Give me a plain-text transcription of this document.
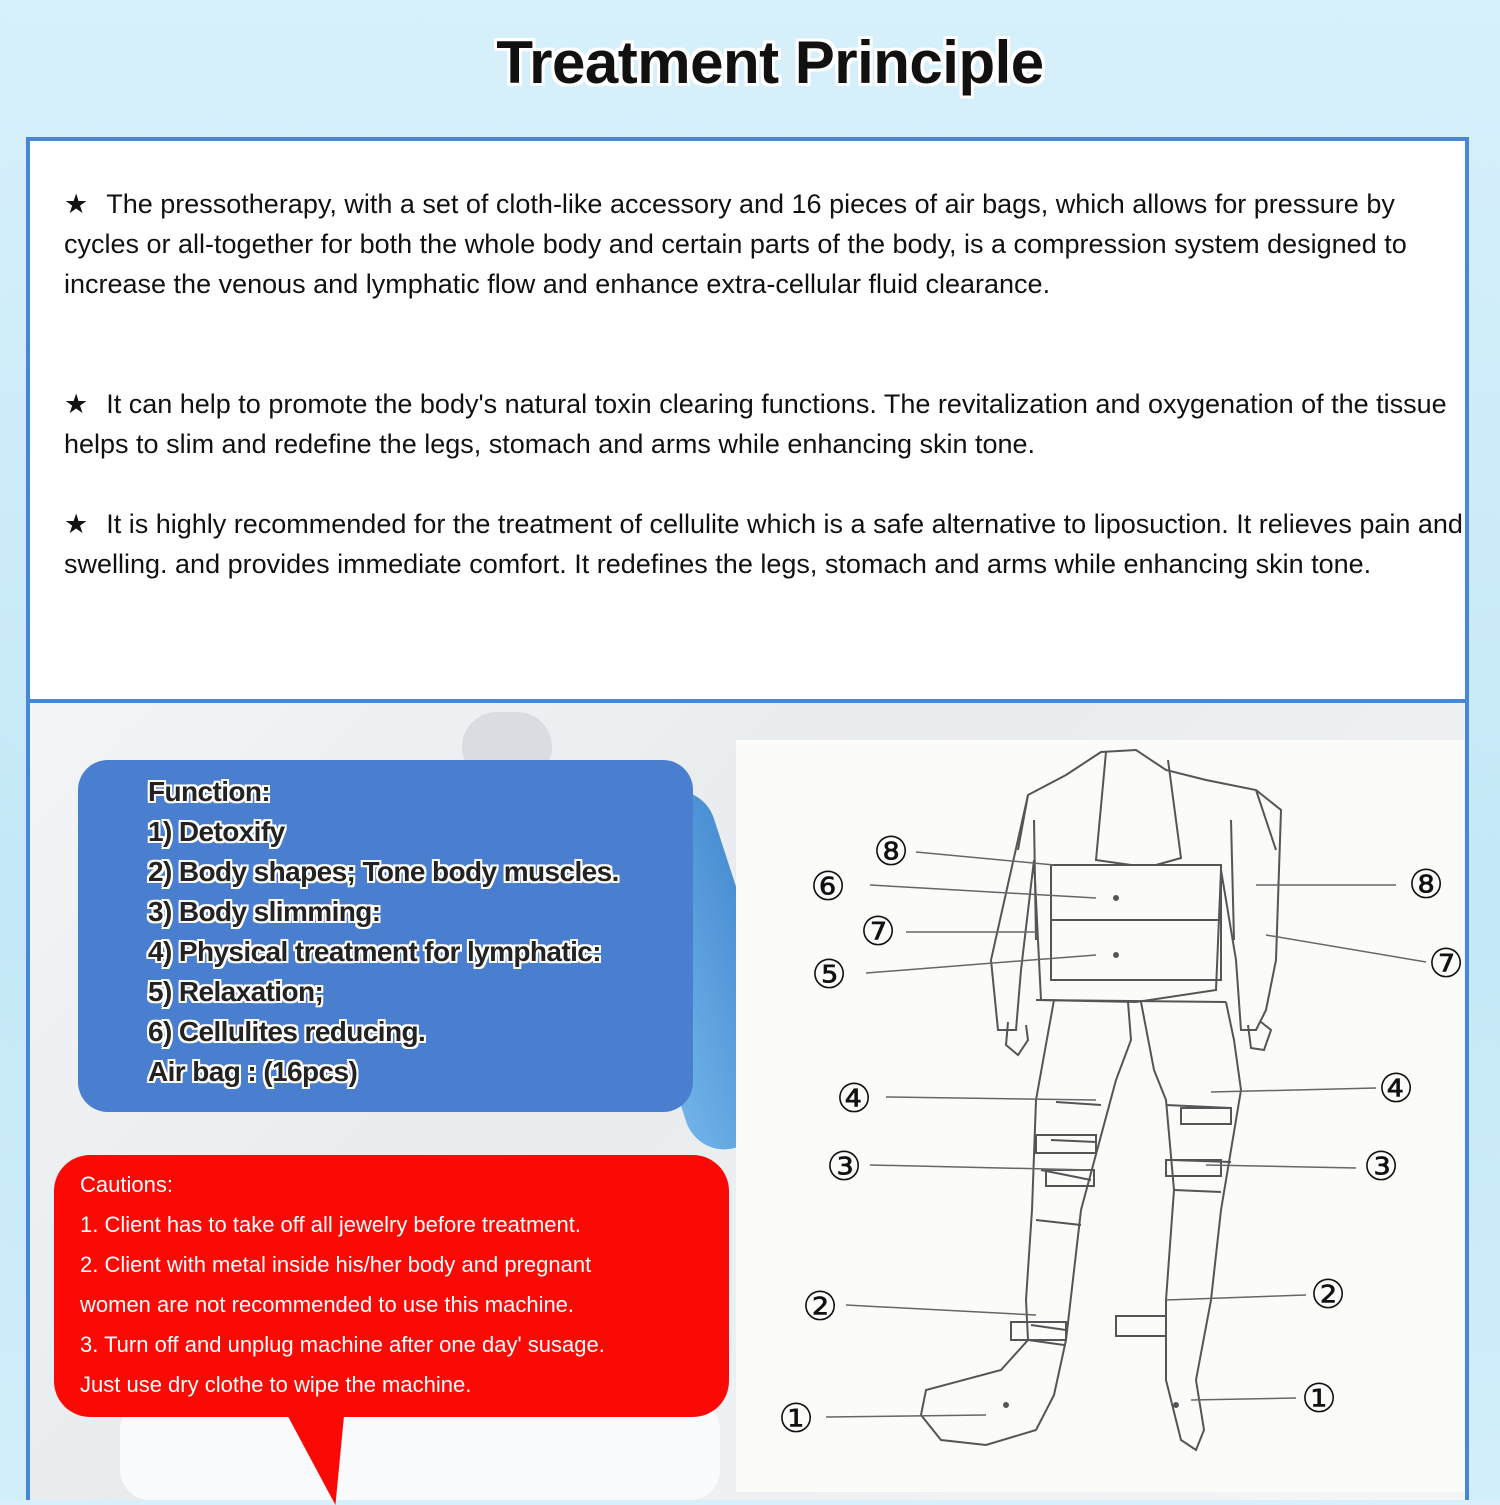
Treatment Principle

★ The pressotherapy, with a set of cloth-like accessory and 16 pieces of air bags, which allows for pressure by cycles or all-together for both the whole body and certain parts of the body, is a compression system designed to increase the venous and lymphatic flow and enhance extra-cellular fluid clearance.

★ It can help to promote the body's natural toxin clearing functions. The revitalization and oxygenation of the tissue helps to slim and redefine the legs, stomach and arms while enhancing skin tone.

★ It is highly recommended for the treatment of cellulite which is a safe alternative to liposuction. It relieves pain and swelling. and provides immediate comfort. It redefines the legs, stomach and arms while enhancing skin tone.

Function:
1) Detoxify
2) Body shapes; Tone body muscles.
3) Body slimming:
4) Physical treatment for lymphatic:
5) Relaxation;
6) Cellulites reducing.
Air bag : (16pcs)
Cautions:
1. Client has to take off all jewelry before treatment.
2. Client with metal inside his/her body and pregnant
women are not recommended to use this machine.
3. Turn off and unplug machine after one day' susage.
Just use dry clothe to wipe the machine.
⑧
⑥
⑦
⑤
④
③
②
①
⑧
⑦
④
③
②
①
